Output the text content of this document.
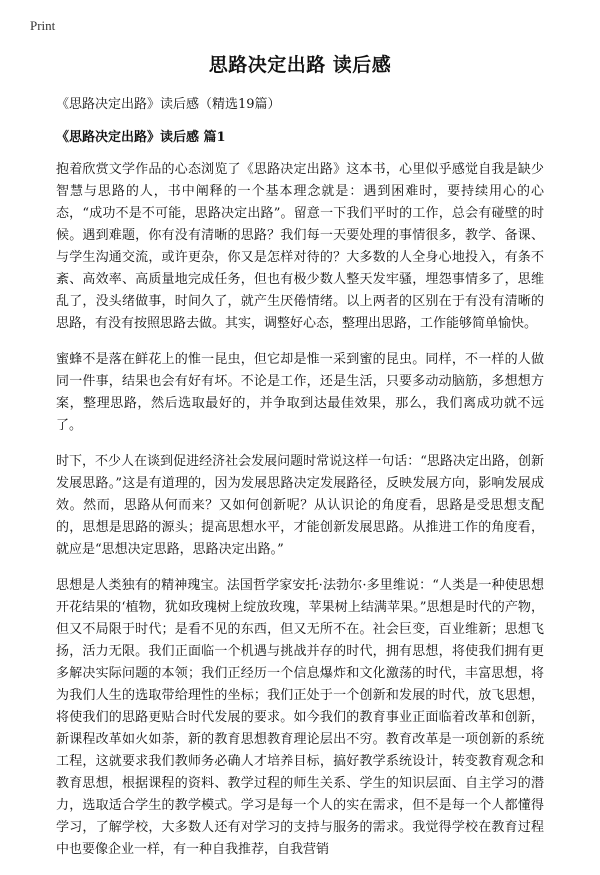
Print
思路决定出路 读后感
《思路决定出路》读后感（精选19篇）
《思路决定出路》读后感 篇1

抱着欣赏文学作品的心态浏览了《思路决定出路》这本书，心里似乎感觉自我是缺少智慧与思路的人，书中阐释的一个基本理念就是：遇到困难时，要持续用心的心态，“成功不是不可能，思路决定出路”。留意一下我们平时的工作，总会有碰壁的时候。遇到难题，你有没有清晰的思路？我们每一天要处理的事情很多，教学、备课、与学生沟通交流，或许更杂，你又是怎样对待的？大多数的人全身心地投入，有条不紊、高效率、高质量地完成任务，但也有极少数人整天发牢骚，埋怨事情多了，思维乱了，没头绪做事，时间久了，就产生厌倦情绪。以上两者的区别在于有没有清晰的思路，有没有按照思路去做。其实，调整好心态，整理出思路，工作能够简单愉快。

蜜蜂不是落在鲜花上的惟一昆虫，但它却是惟一采到蜜的昆虫。同样，不一样的人做同一件事，结果也会有好有坏。不论是工作，还是生活，只要多动动脑筋，多想想方案，整理思路，然后选取最好的，并争取到达最佳效果，那么，我们离成功就不远了。

时下，不少人在谈到促进经济社会发展问题时常说这样一句话：“思路决定出路，创新发展思路。”这是有道理的，因为发展思路决定发展路径，反映发展方向，影响发展成效。然而，思路从何而来？又如何创新呢？从认识论的角度看，思路是受思想支配的，思想是思路的源头；提高思想水平，才能创新发展思路。从推进工作的角度看，就应是“思想决定思路，思路决定出路。”

思想是人类独有的精神瑰宝。法国哲学家安托·法勃尔·多里维说：“人类是一种使思想开花结果的‘植物，犹如玫瑰树上绽放玫瑰，苹果树上结满苹果。”思想是时代的产物，但又不局限于时代；是看不见的东西，但又无所不在。社会巨变，百业维新；思想飞扬，活力无限。我们正面临一个机遇与挑战并存的时代，拥有思想，将使我们拥有更多解决实际问题的本领；我们正经历一个信息爆炸和文化激荡的时代，丰富思想，将为我们人生的选取带给理性的坐标；我们正处于一个创新和发展的时代，放飞思想，将使我们的思路更贴合时代发展的要求。如今我们的教育事业正面临着改革和创新，新课程改革如火如荼，新的教育思想教育理论层出不穷。教育改革是一项创新的系统工程，这就要求我们教师务必确人才培养目标，搞好教学系统设计，转变教育观念和教育思想，根据课程的资料、教学过程的师生关系、学生的知识层面、自主学习的潜力，选取适合学生的教学模式。学习是每一个人的实在需求，但不是每一个人都懂得学习，了解学校，大多数人还有对学习的支持与服务的需求。我觉得学校在教育过程中也要像企业一样，有一种自我推荐，自我营销
